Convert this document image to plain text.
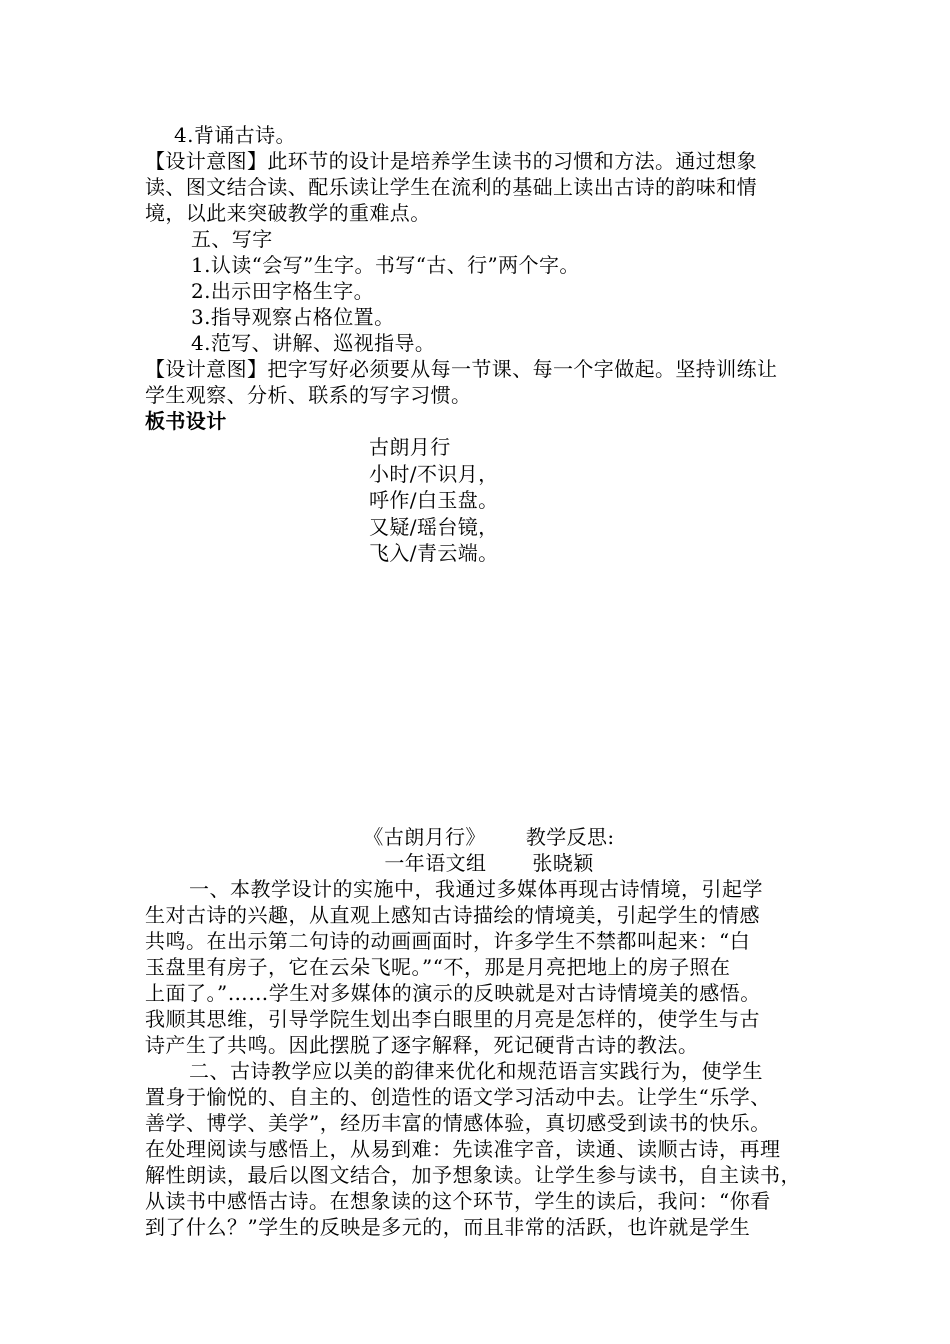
4.背诵古诗。
【设计意图】此环节的设计是培养学生读书的习惯和方法。通过想象
读、图文结合读、配乐读让学生在流利的基础上读出古诗的韵味和情
境，以此来突破教学的重难点。
五、写字
1.认读“会写”生字。书写“古、行”两个字。
2.出示田字格生字。
3.指导观察占格位置。
4.范写、讲解、巡视指导。
【设计意图】把字写好必须要从每一节课、每一个字做起。坚持训练让
学生观察、分析、联系的写字习惯。
板书设计
古朗月行
小时/不识月，
呼作/白玉盘。
又疑/瑶台镜，
飞入/青云端。
《古朗月行》 教学反思:
一年语文组 张晓颖
一、本教学设计的实施中，我通过多媒体再现古诗情境，引起学
生对古诗的兴趣，从直观上感知古诗描绘的情境美，引起学生的情感
共鸣。在出示第二句诗的动画画面时，许多学生不禁都叫起来：“白
玉盘里有房子，它在云朵飞呢。”“不，那是月亮把地上的房子照在
上面了。”……学生对多媒体的演示的反映就是对古诗情境美的感悟。
我顺其思维，引导学院生划出李白眼里的月亮是怎样的，使学生与古
诗产生了共鸣。因此摆脱了逐字解释，死记硬背古诗的教法。
二、古诗教学应以美的韵律来优化和规范语言实践行为，使学生
置身于愉悦的、自主的、创造性的语文学习活动中去。让学生“乐学、
善学、博学、美学”，经历丰富的情感体验，真切感受到读书的快乐。
在处理阅读与感悟上，从易到难：先读准字音，读通、读顺古诗，再理
解性朗读，最后以图文结合，加予想象读。让学生参与读书，自主读书，
从读书中感悟古诗。在想象读的这个环节，学生的读后，我问：“你看
到了什么？”学生的反映是多元的，而且非常的活跃，也许就是学生
